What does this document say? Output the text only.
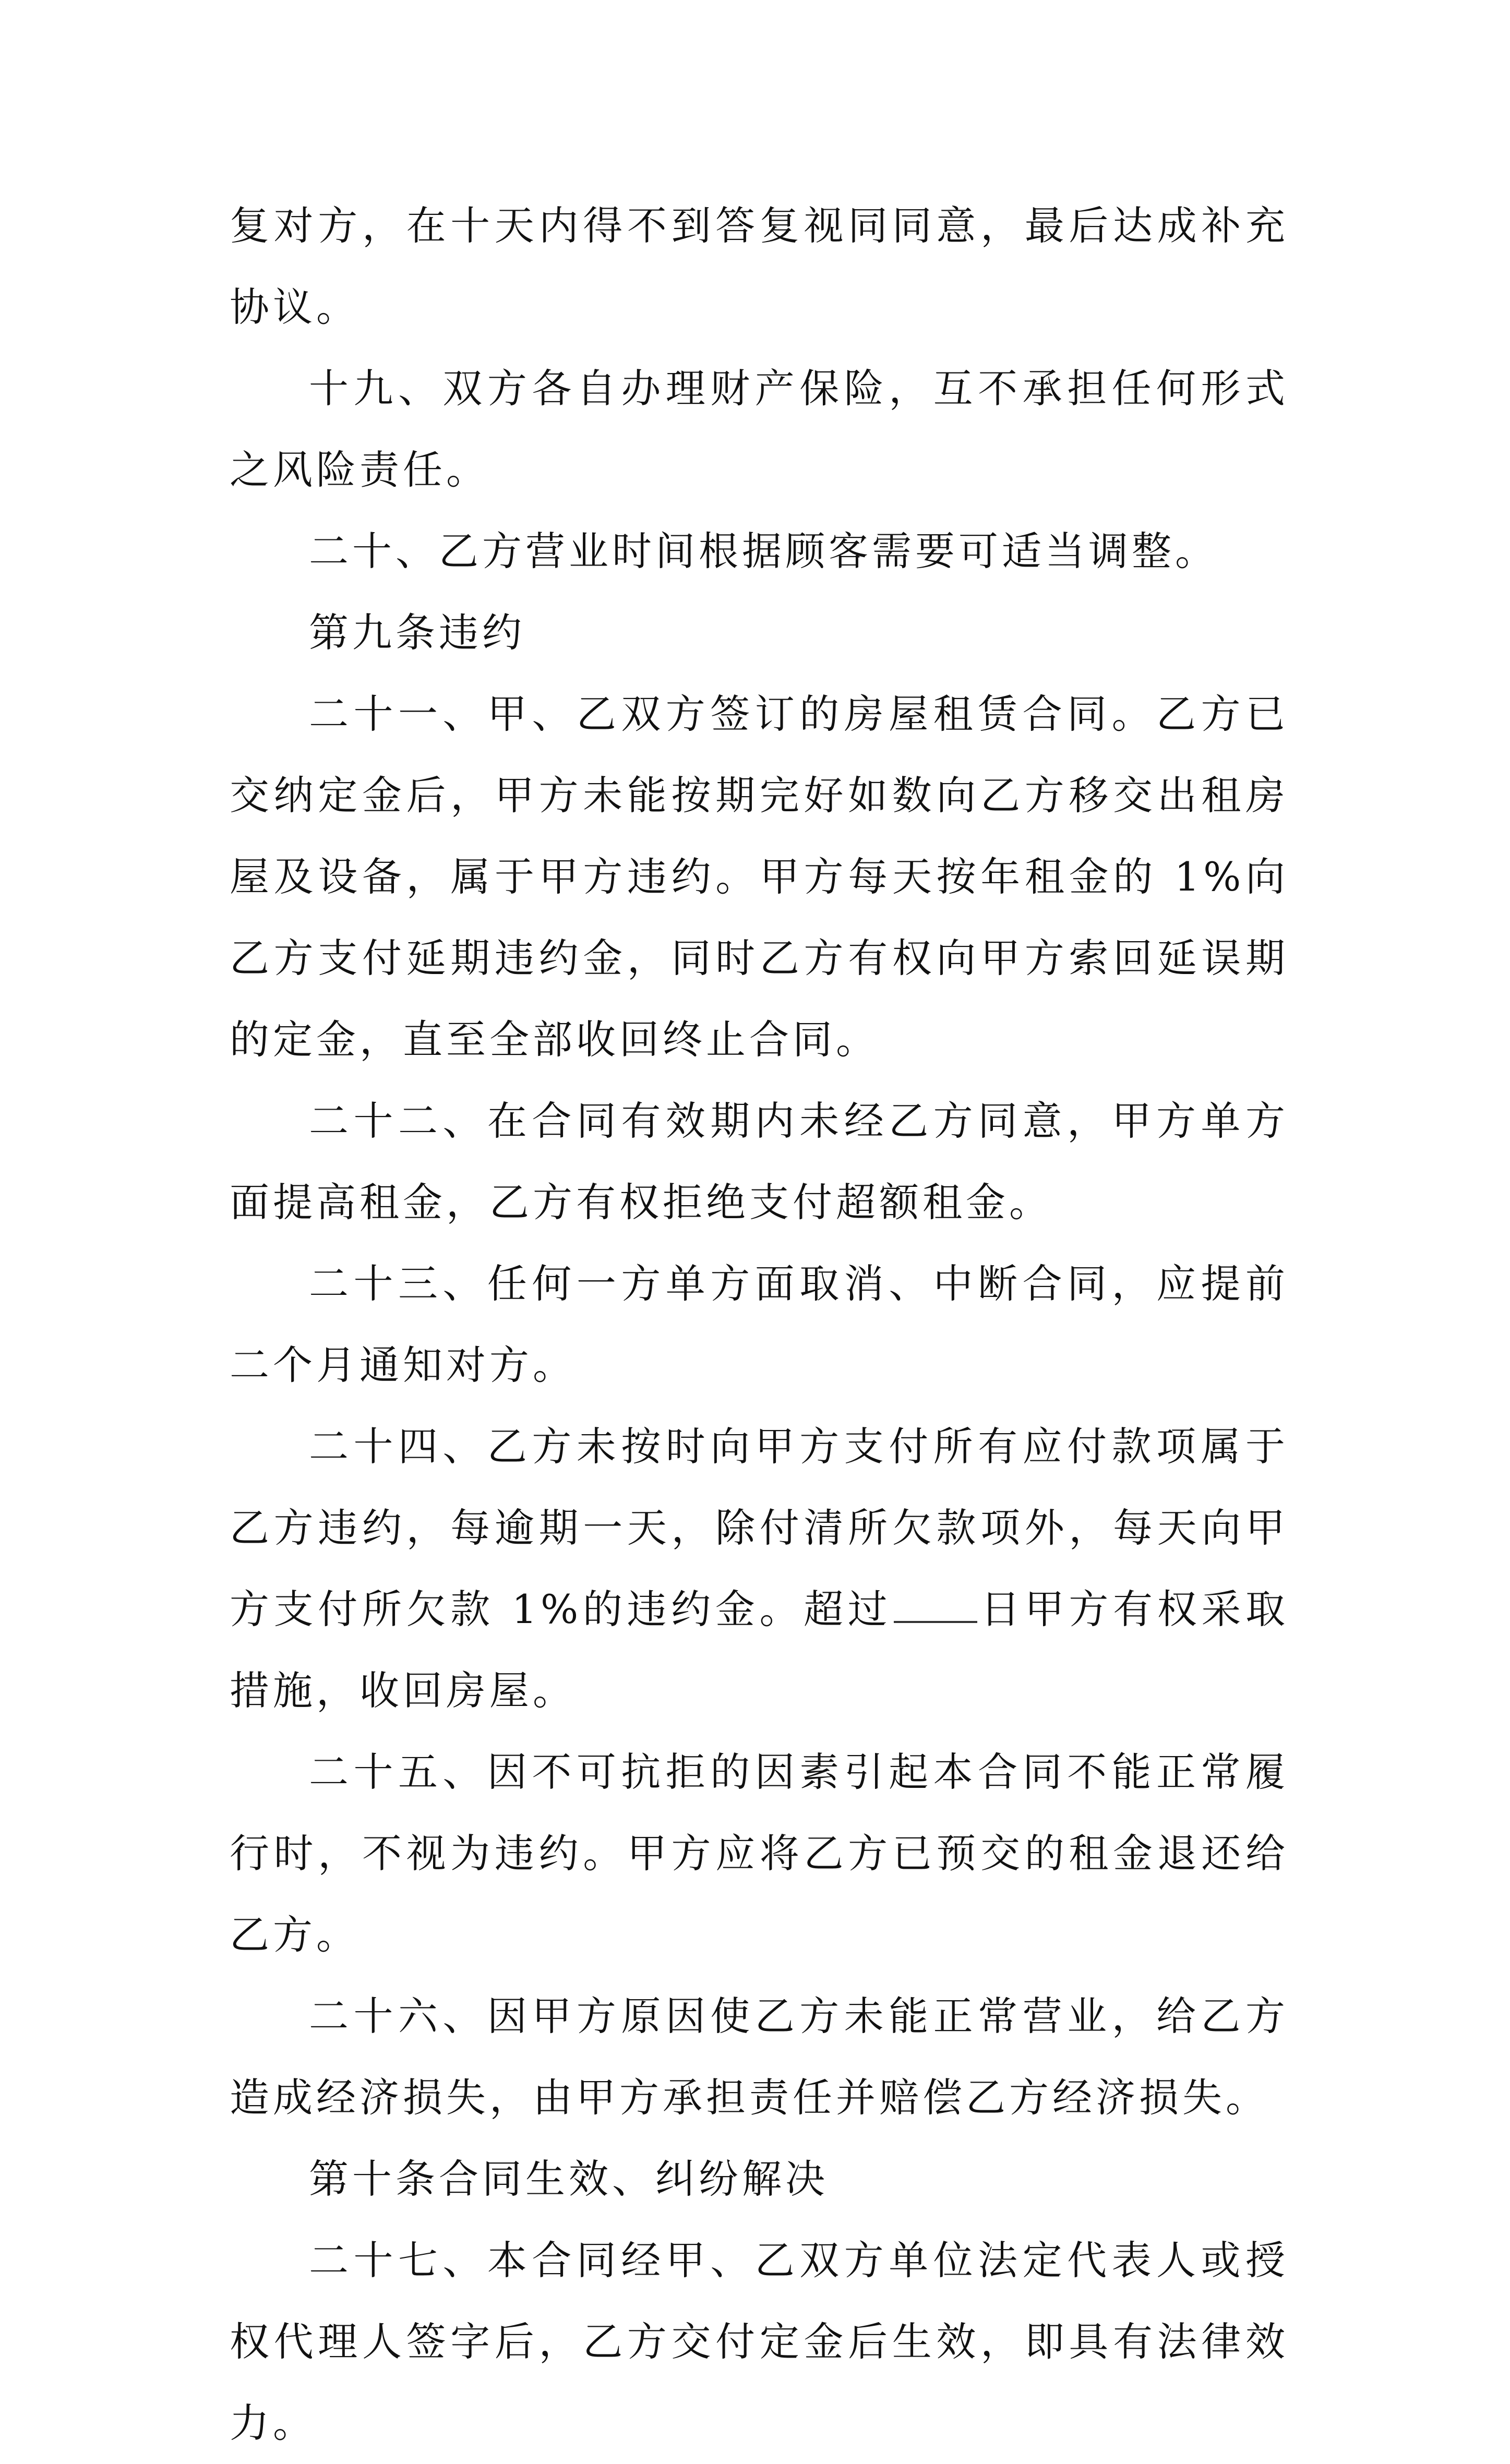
复对方，在十天内得不到答复视同同意，最后达成补充协议。

十九、双方各自办理财产保险，互不承担任何形式之风险责任。

二十、乙方营业时间根据顾客需要可适当调整。

第九条违约

二十一、甲、乙双方签订的房屋租赁合同。乙方已交纳定金后，甲方未能按期完好如数向乙方移交出租房屋及设备，属于甲方违约。甲方每天按年租金的 1%向乙方支付延期违约金，同时乙方有权向甲方索回延误期的定金，直至全部收回终止合同。

二十二、在合同有效期内未经乙方同意，甲方单方面提高租金，乙方有权拒绝支付超额租金。

二十三、任何一方单方面取消、中断合同，应提前二个月通知对方。

二十四、乙方未按时向甲方支付所有应付款项属于乙方违约，每逾期一天，除付清所欠款项外，每天向甲方支付所欠款 1%的违约金。超过 日甲方有权采取措施，收回房屋。

二十五、因不可抗拒的因素引起本合同不能正常履行时，不视为违约。甲方应将乙方已预交的租金退还给乙方。

二十六、因甲方原因使乙方未能正常营业，给乙方造成经济损失，由甲方承担责任并赔偿乙方经济损失。

第十条合同生效、纠纷解决

二十七、本合同经甲、乙双方单位法定代表人或授权代理人签字后，乙方交付定金后生效，即具有法律效力。
